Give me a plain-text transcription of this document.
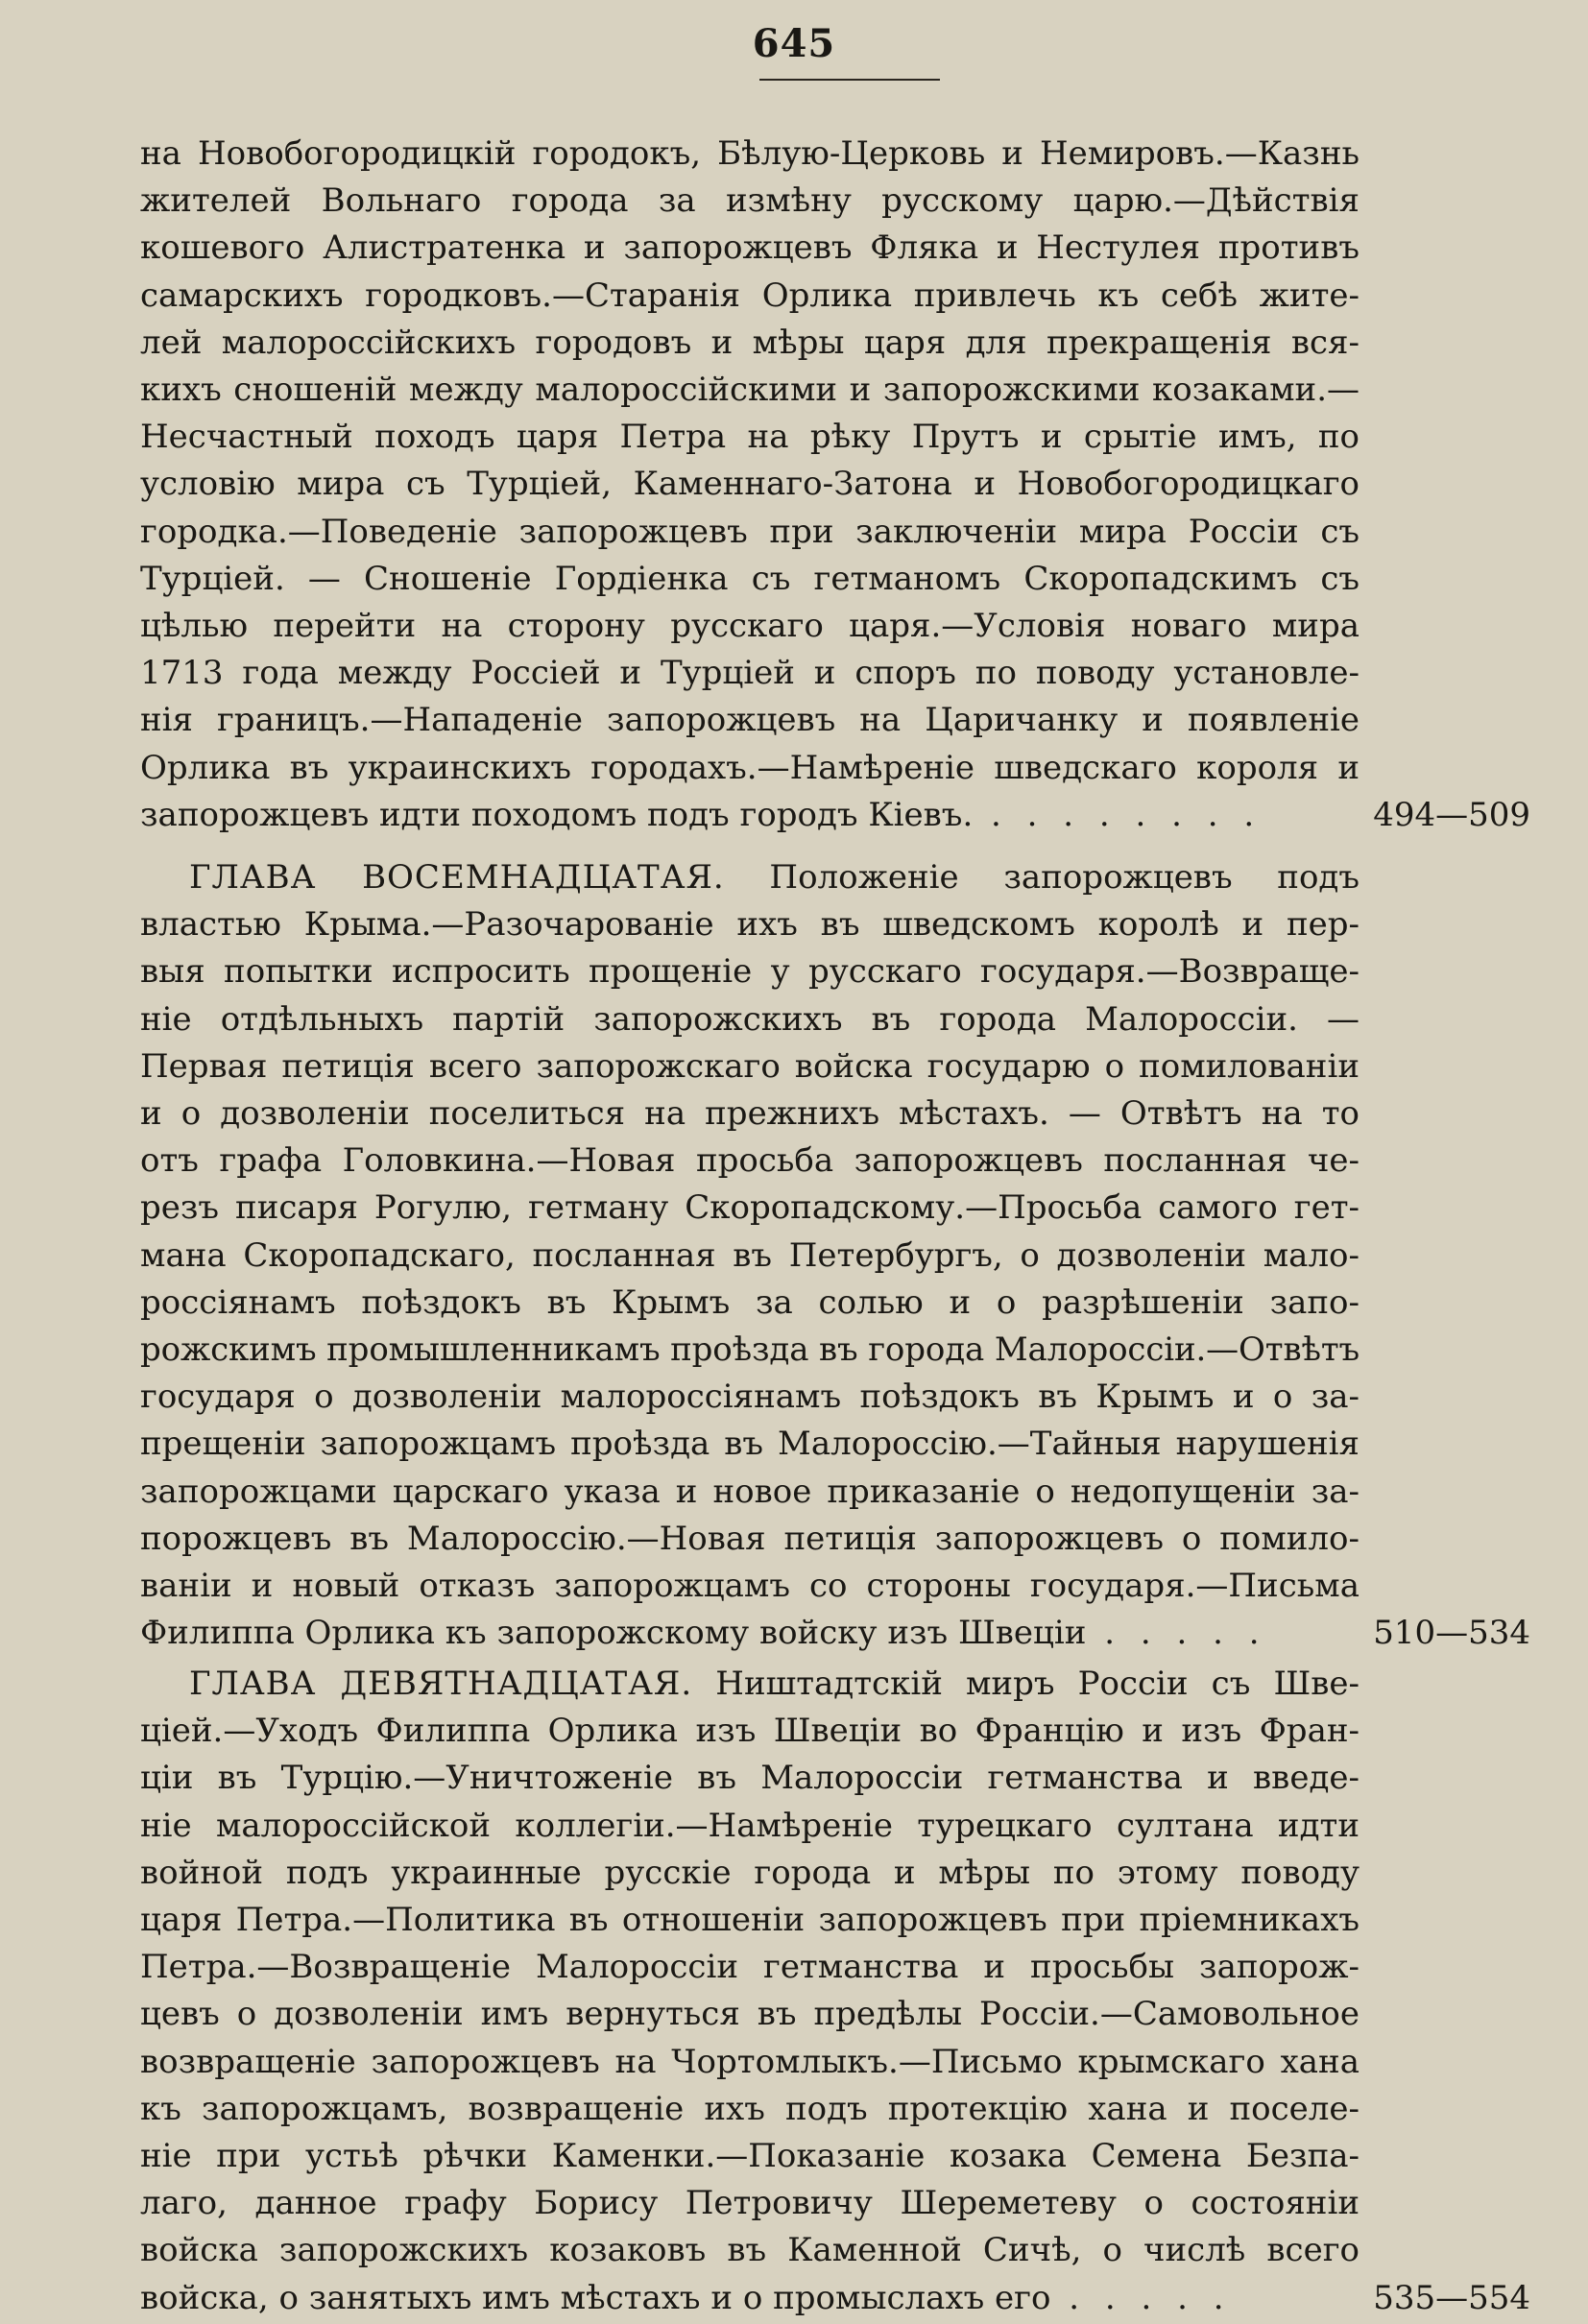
645
на Новобогородицкій городокъ, Бѣлую-Церковь и Немировъ.—Казнь
жителей Вольнаго города за измѣну русскому царю.—Дѣйствія
кошевого Алистратенка и запорожцевъ Фляка и Нестулея противъ
самарскихъ городковъ.—Старанія Орлика привлечь къ себѣ жите-
лей малороссійскихъ городовъ и мѣры царя для прекращенія вся-
кихъ сношеній между малороссійскими и запорожскими козаками.—
Несчастный походъ царя Петра на рѣку Прутъ и срытіе имъ, по
условію мира съ Турціей, Каменнаго-Затона и Новобогородицкаго
городка.—Поведеніе запорожцевъ при заключеніи мира Россіи съ
Турціей. — Сношеніе Гордіенка съ гетманомъ Скоропадскимъ съ
цѣлью перейти на сторону русскаго царя.—Условія новаго мира
1713 года между Россіей и Турціей и споръ по поводу установле-
нія границъ.—Нападеніе запорожцевъ на Царичанку и появленіе
Орлика въ украинскихъ городахъ.—Намѣреніе шведскаго короля и
запорожцевъ идти походомъ подъ городъ Кіевъ. . . . . . . . .	494—509
  ГЛАВА ВОСЕМНАДЦАТАЯ. Положеніе запорожцевъ подъ
властью Крыма.—Разочарованіе ихъ въ шведскомъ королѣ и пер-
выя попытки испросить прощеніе у русскаго государя.—Возвраще-
ніе отдѣльныхъ партій запорожскихъ въ города Малороссіи. —
Первая петиція всего запорожскаго войска государю о помилованіи
и о дозволеніи поселиться на прежнихъ мѣстахъ. — Отвѣтъ на то
отъ графа Головкина.—Новая просьба запорожцевъ посланная че-
резъ писаря Рогулю, гетману Скоропадскому.—Просьба самого гет-
мана Скоропадскаго, посланная въ Петербургъ, о дозволеніи мало-
россіянамъ поѣздокъ въ Крымъ за солью и о разрѣшеніи запо-
рожскимъ промышленникамъ проѣзда въ города Малороссіи.—Отвѣтъ
государя о дозволеніи малороссіянамъ поѣздокъ въ Крымъ и о за-
прещеніи запорожцамъ проѣзда въ Малороссію.—Тайныя нарушенія
запорожцами царскаго указа и новое приказаніе о недопущеніи за-
порожцевъ въ Малороссію.—Новая петиція запорожцевъ о помило-
ваніи и новый отказъ запорожцамъ со стороны государя.—Письма
Филиппа Орлика къ запорожскому войску изъ Швеціи . . . . .	510—534
  ГЛАВА ДЕВЯТНАДЦАТАЯ. Ништадтскій миръ Россіи съ Шве-
ціей.—Уходъ Филиппа Орлика изъ Швеціи во Францію и изъ Фран-
ціи въ Турцію.—Уничтоженіе въ Малороссіи гетманства и введе-
ніе малороссійской коллегіи.—Намѣреніе турецкаго султана идти
войной подъ украинные русскіе города и мѣры по этому поводу
царя Петра.—Политика въ отношеніи запорожцевъ при пріемникахъ
Петра.—Возвращеніе Малороссіи гетманства и просьбы запорож-
цевъ о дозволеніи имъ вернуться въ предѣлы Россіи.—Самовольное
возвращеніе запорожцевъ на Чортомлыкъ.—Письмо крымскаго хана
къ запорожцамъ, возвращеніе ихъ подъ протекцію хана и поселе-
ніе при устьѣ рѣчки Каменки.—Показаніе козака Семена Безпа-
лаго, данное графу Борису Петровичу Шереметеву о состояніи
войска запорожскихъ козаковъ въ Каменной Сичѣ, о числѣ всего
войска, о занятыхъ имъ мѣстахъ и о промыслахъ его . . . . .	535—554
